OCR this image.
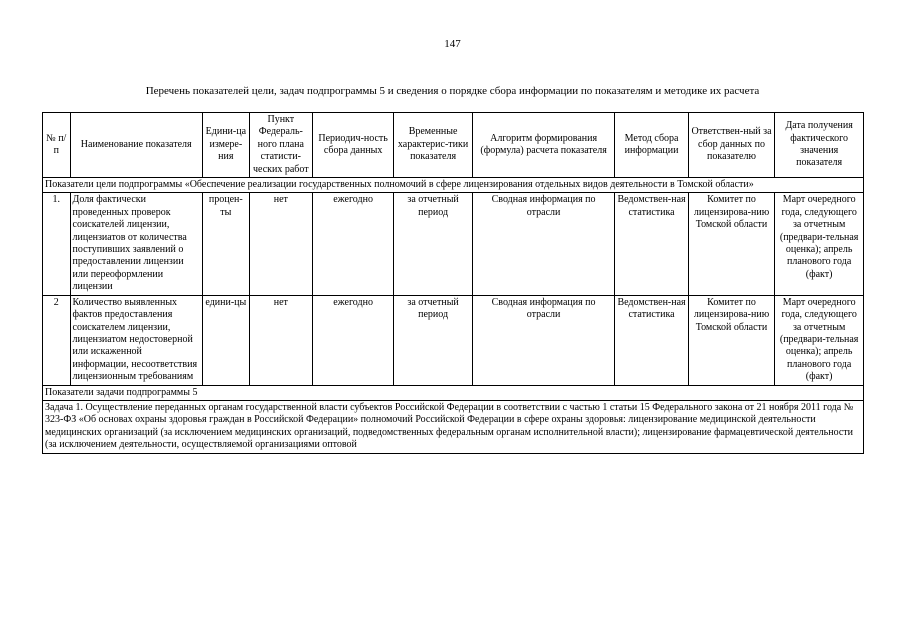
147
Перечень показателей цели, задач подпрограммы 5 и сведения о порядке сбора информации по показателям и методике их расчета
№ п/п	Наименование показателя	Едини-ца измере-ния	Пункт Федераль-ного плана статисти-ческих работ	Периодич-ность сбора данных	Временные характерис-тики показателя	Алгоритм формирования (формула) расчета показателя	Метод сбора информации	Ответствен-ный за сбор данных по показателю	Дата получения фактического значения показателя
Показатели цели подпрограммы «Обеспечение реализации государственных полномочий в сфере лицензирования отдельных видов деятельности в Томской области»									
1.	Доля фактически проведенных проверок соискателей лицензии, лицензиатов от количества поступивших заявлений о предоставлении лицензии или переоформлении лицензии	процен-ты	нет	ежегодно	за отчетный период	Сводная информация по отрасли	Ведомствен-ная статистика	Комитет по лицензирова-нию Томской области	Март очередного года, следующего за отчетным (предвари-тельная оценка); апрель планового года (факт)
2	Количество выявленных фактов предоставления соискателем лицензии, лицензиатом недостоверной или искаженной информации, несоответствия лицензионным требованиям	едини-цы	нет	ежегодно	за отчетный период	Сводная информация по отрасли	Ведомствен-ная статистика	Комитет по лицензирова-нию Томской области	Март очередного года, следующего за отчетным (предвари-тельная оценка); апрель планового года (факт)
Показатели задачи подпрограммы 5									
Задача 1. Осуществление переданных органам государственной власти субъектов Российской Федерации в соответствии с частью 1 статьи 15 Федерального закона от 21 ноября 2011 года № 323-ФЗ «Об основах охраны здоровья граждан в Российской Федерации» полномочий Российской Федерации в сфере охраны здоровья: лицензирование медицинской деятельности медицинских организаций (за исключением медицинских организаций, подведомственных федеральным органам исполнительной власти); лицензирование фармацевтической деятельности (за исключением деятельности, осуществляемой организациями оптовой									
